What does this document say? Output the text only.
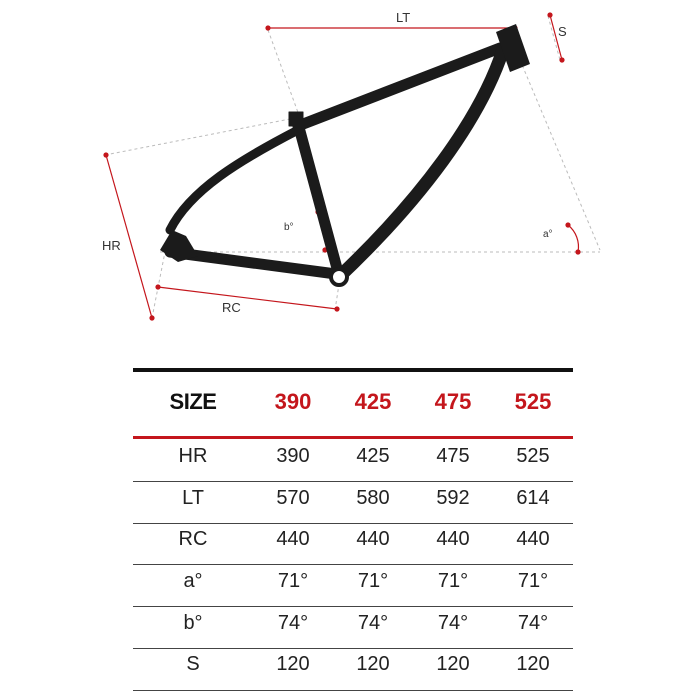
LT
S
HR
RC
a°
b°
SIZE	390	425	475	525
HR	390	425	475	525
LT	570	580	592	614
RC	440	440	440	440
a°	71°	71°	71°	71°
b°	74°	74°	74°	74°
S	120	120	120	120
